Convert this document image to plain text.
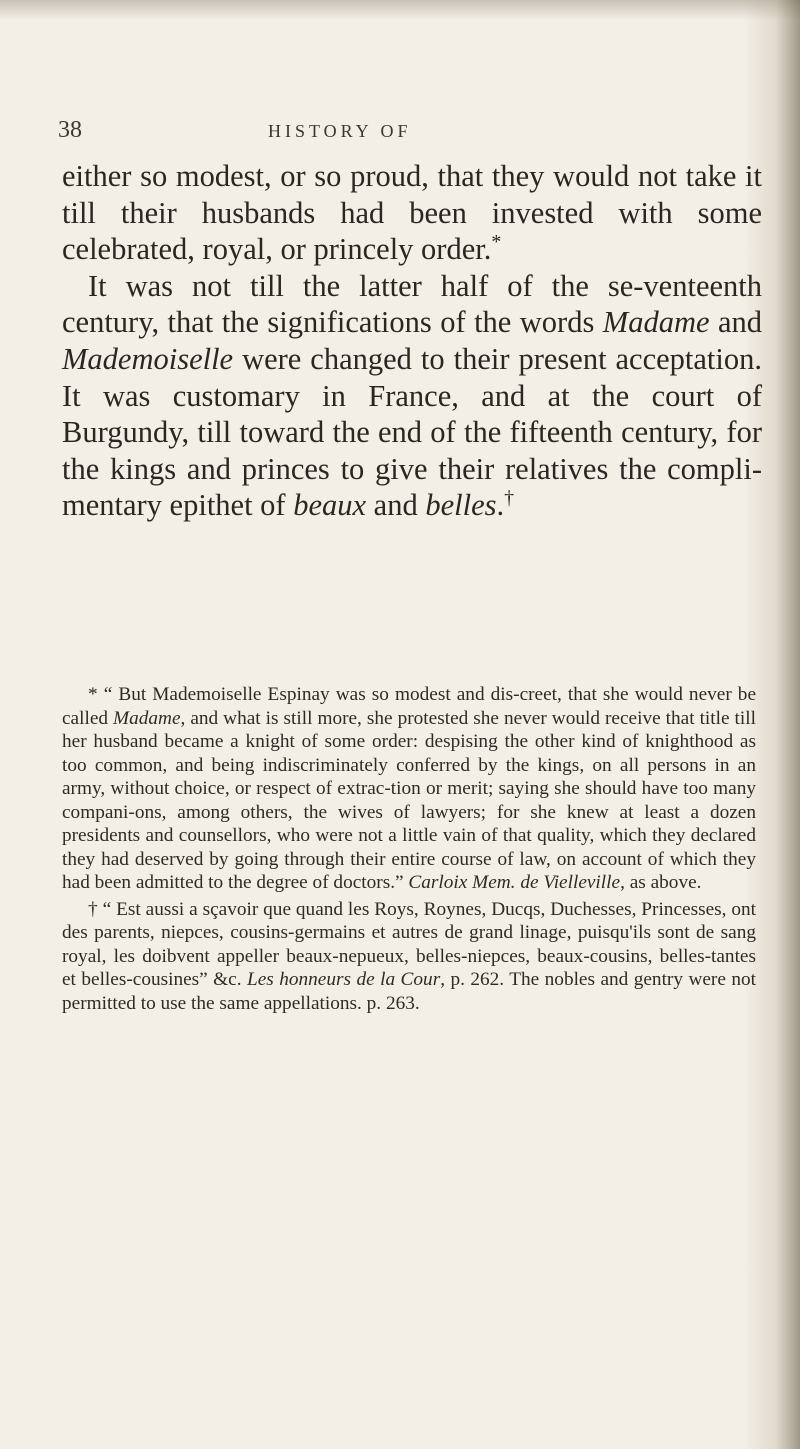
38	HISTORY OF

either so modest, or so proud, that they would not take it till their husbands had been invested with some celebrated, royal, or princely order.*

It was not till the latter half of the se-venteenth century, that the significations of the words Madame and Mademoiselle were changed to their present acceptation. It was customary in France, and at the court of Burgundy, till toward the end of the fifteenth century, for the kings and princes to give their relatives the compli-mentary epithet of beaux and belles.†

* “ But Mademoiselle Espinay was so modest and dis-creet, that she would never be called Madame, and what is still more, she protested she never would receive that title till her husband became a knight of some order: despising the other kind of knighthood as too common, and being indiscriminately conferred by the kings, on all persons in an army, without choice, or respect of extrac-tion or merit; saying she should have too many compani-ons, among others, the wives of lawyers; for she knew at least a dozen presidents and counsellors, who were not a little vain of that quality, which they declared they had deserved by going through their entire course of law, on account of which they had been admitted to the degree of doctors.” Carloix Mem. de Vielleville, as above.

† “ Est aussi a sçavoir que quand les Roys, Roynes, Ducqs, Duchesses, Princesses, ont des parents, niepces, cousins-germains et autres de grand linage, puisqu'ils sont de sang royal, les doibvent appeller beaux-nepueux, belles-niepces, beaux-cousins, belles-tantes et belles-cousines” &c. Les honneurs de la Cour, p. 262. The nobles and gentry were not permitted to use the same appellations. p. 263.
